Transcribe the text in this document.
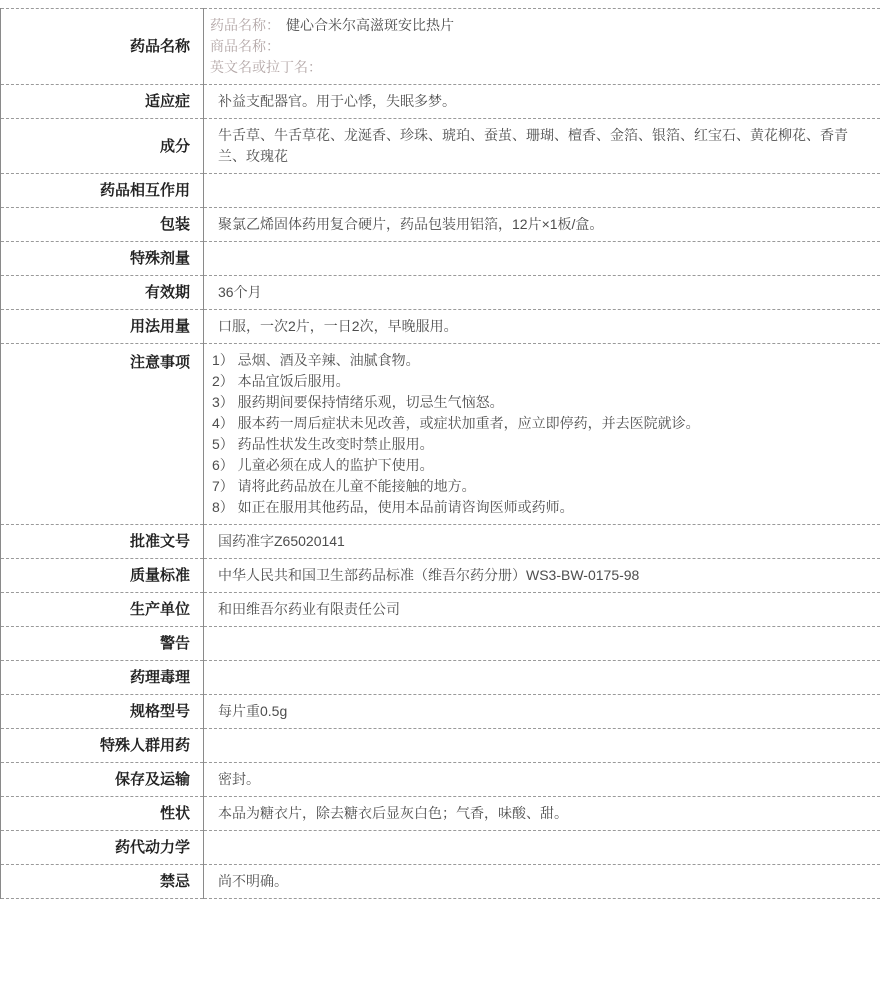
药品名称	药品名称： 健心合米尔高滋斑安比热片
商品名称：
英文名或拉丁名：

适应症	补益支配器官。用于心悸，失眠多梦。
成分	牛舌草、牛舌草花、龙涎香、珍珠、琥珀、蚕茧、珊瑚、檀香、金箔、银箔、红宝石、黄花柳花、香青兰、玫瑰花
药品相互作用	
包装	聚氯乙烯固体药用复合硬片，药品包装用铝箔，12片×1板/盒。
特殊剂量	
有效期	36个月
用法用量	口服，一次2片，一日2次，早晚服用。
注意事项	1） 忌烟、酒及辛辣、油腻食物。
2） 本品宜饭后服用。
3） 服药期间要保持情绪乐观，切忌生气恼怒。
4） 服本药一周后症状未见改善，或症状加重者，应立即停药，并去医院就诊。
5） 药品性状发生改变时禁止服用。
6） 儿童必须在成人的监护下使用。
7） 请将此药品放在儿童不能接触的地方。
8） 如正在服用其他药品，使用本品前请咨询医师或药师。

批准文号	国药准字Z65020141
质量标准	中华人民共和国卫生部药品标准（维吾尔药分册）WS3-BW-0175-98
生产单位	和田维吾尔药业有限责任公司
警告	
药理毒理	
规格型号	每片重0.5g
特殊人群用药	
保存及运输	密封。
性状	本品为糖衣片，除去糖衣后显灰白色；气香，味酸、甜。
药代动力学	
禁忌	尚不明确。
